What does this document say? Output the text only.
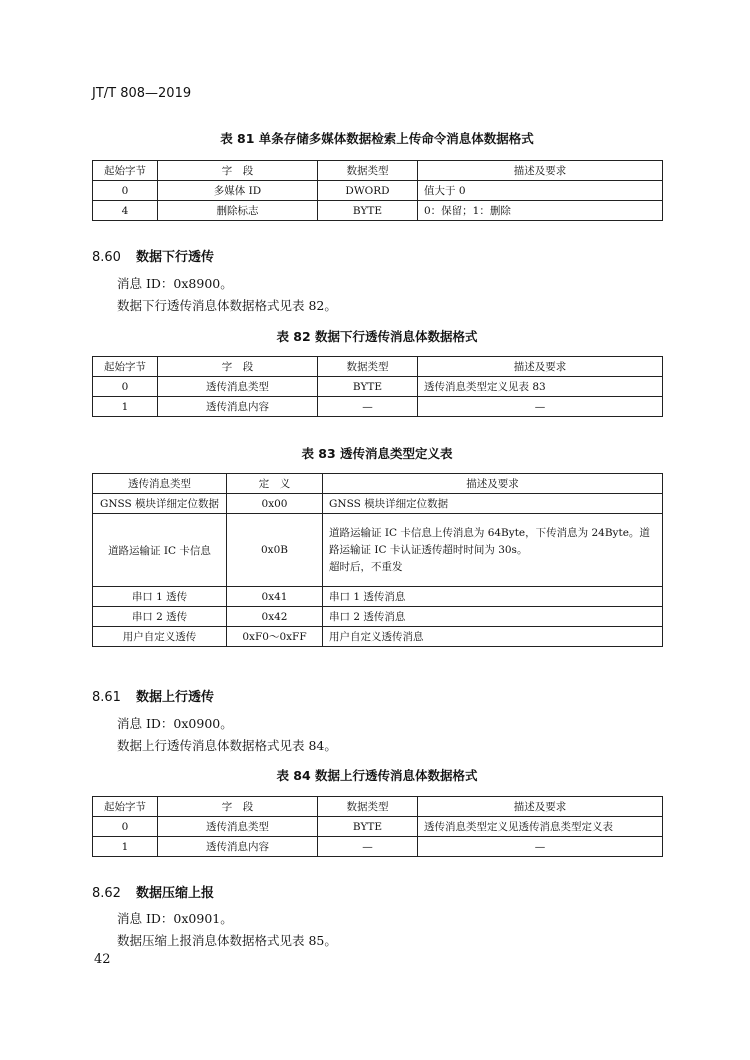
JT/T 808—2019
表 81 单条存储多媒体数据检索上传命令消息体数据格式
起始字节	字　段	数据类型	描述及要求
0	多媒体 ID	DWORD	值大于 0
4	删除标志	BYTE	0：保留；1：删除
8.60 数据下行透传
消息 ID：0x8900。
数据下行透传消息体数据格式见表 82。
表 82 数据下行透传消息体数据格式
起始字节	字　段	数据类型	描述及要求
0	透传消息类型	BYTE	透传消息类型定义见表 83
1	透传消息内容	—	—
表 83 透传消息类型定义表
透传消息类型	定　义	描述及要求
GNSS 模块详细定位数据	0x00	GNSS 模块详细定位数据
道路运输证 IC 卡信息	0x0B	道路运输证 IC 卡信息上传消息为 64Byte，下传消息为 24Byte。道路运输证 IC 卡认证透传超时时间为 30s。
超时后，不重发

串口 1 透传	0x41	串口 1 透传消息
串口 2 透传	0x42	串口 2 透传消息
用户自定义透传	0xF0～0xFF	用户自定义透传消息
8.61 数据上行透传
消息 ID：0x0900。
数据上行透传消息体数据格式见表 84。
表 84 数据上行透传消息体数据格式
起始字节	字　段	数据类型	描述及要求
0	透传消息类型	BYTE	透传消息类型定义见透传消息类型定义表
1	透传消息内容	—	—
8.62 数据压缩上报
消息 ID：0x0901。
数据压缩上报消息体数据格式见表 85。
42
